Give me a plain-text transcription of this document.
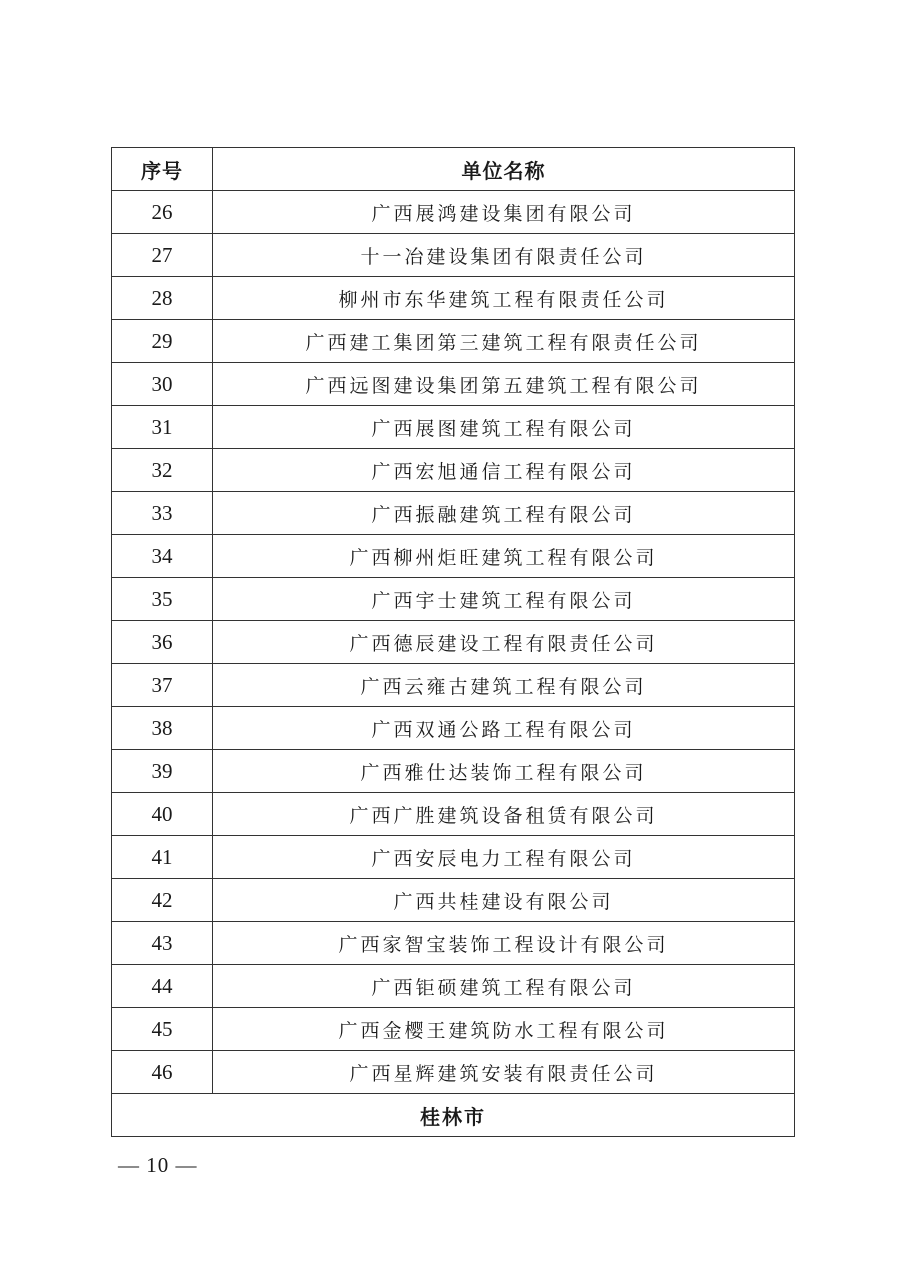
序号	单位名称
26	广西展鸿建设集团有限公司
27	十一冶建设集团有限责任公司
28	柳州市东华建筑工程有限责任公司
29	广西建工集团第三建筑工程有限责任公司
30	广西远图建设集团第五建筑工程有限公司
31	广西展图建筑工程有限公司
32	广西宏旭通信工程有限公司
33	广西振融建筑工程有限公司
34	广西柳州炬旺建筑工程有限公司
35	广西宇士建筑工程有限公司
36	广西德辰建设工程有限责任公司
37	广西云雍古建筑工程有限公司
38	广西双通公路工程有限公司
39	广西雅仕达装饰工程有限公司
40	广西广胜建筑设备租赁有限公司
41	广西安辰电力工程有限公司
42	广西共桂建设有限公司
43	广西家智宝装饰工程设计有限公司
44	广西钜硕建筑工程有限公司
45	广西金樱王建筑防水工程有限公司
46	广西星辉建筑安装有限责任公司
桂林市	
— 10 —
